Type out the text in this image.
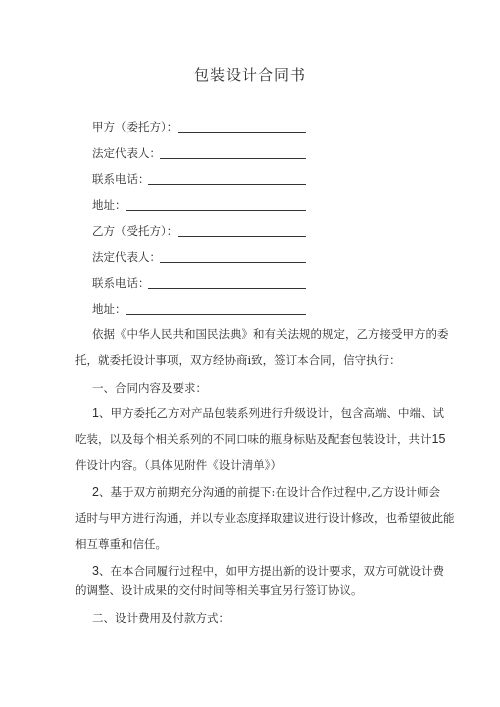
包装设计合同书
甲方（委托方）：
法定代表人：
联系电话：
地址：
乙方（受托方）：
法定代表人：
联系电话：
地址：
依据《中华人民共和国民法典》和有关法规的规定，乙方接受甲方的委
托，就委托设计事项，双方经协商i致，签订本合同，信守执行：
一、合同内容及要求：
1、甲方委托乙方对产品包装系列进行升级设计，包含高端、中端、试
吃装，以及每个相关系列的不同口味的瓶身标贴及配套包装设计，共计15
件设计内容。（具体见附件《设计清单》）
2、基于双方前期充分沟通的前提下:在设计合作过程中,乙方设计师会
适时与甲方进行沟通，并以专业态度择取建议进行设计修改，也希望彼此能
相互尊重和信任。
3、在本合同履行过程中，如甲方提出新的设计要求，双方可就设计费
的调整、设计成果的交付时间等相关事宜另行签订协议。
二、设计费用及付款方式：
